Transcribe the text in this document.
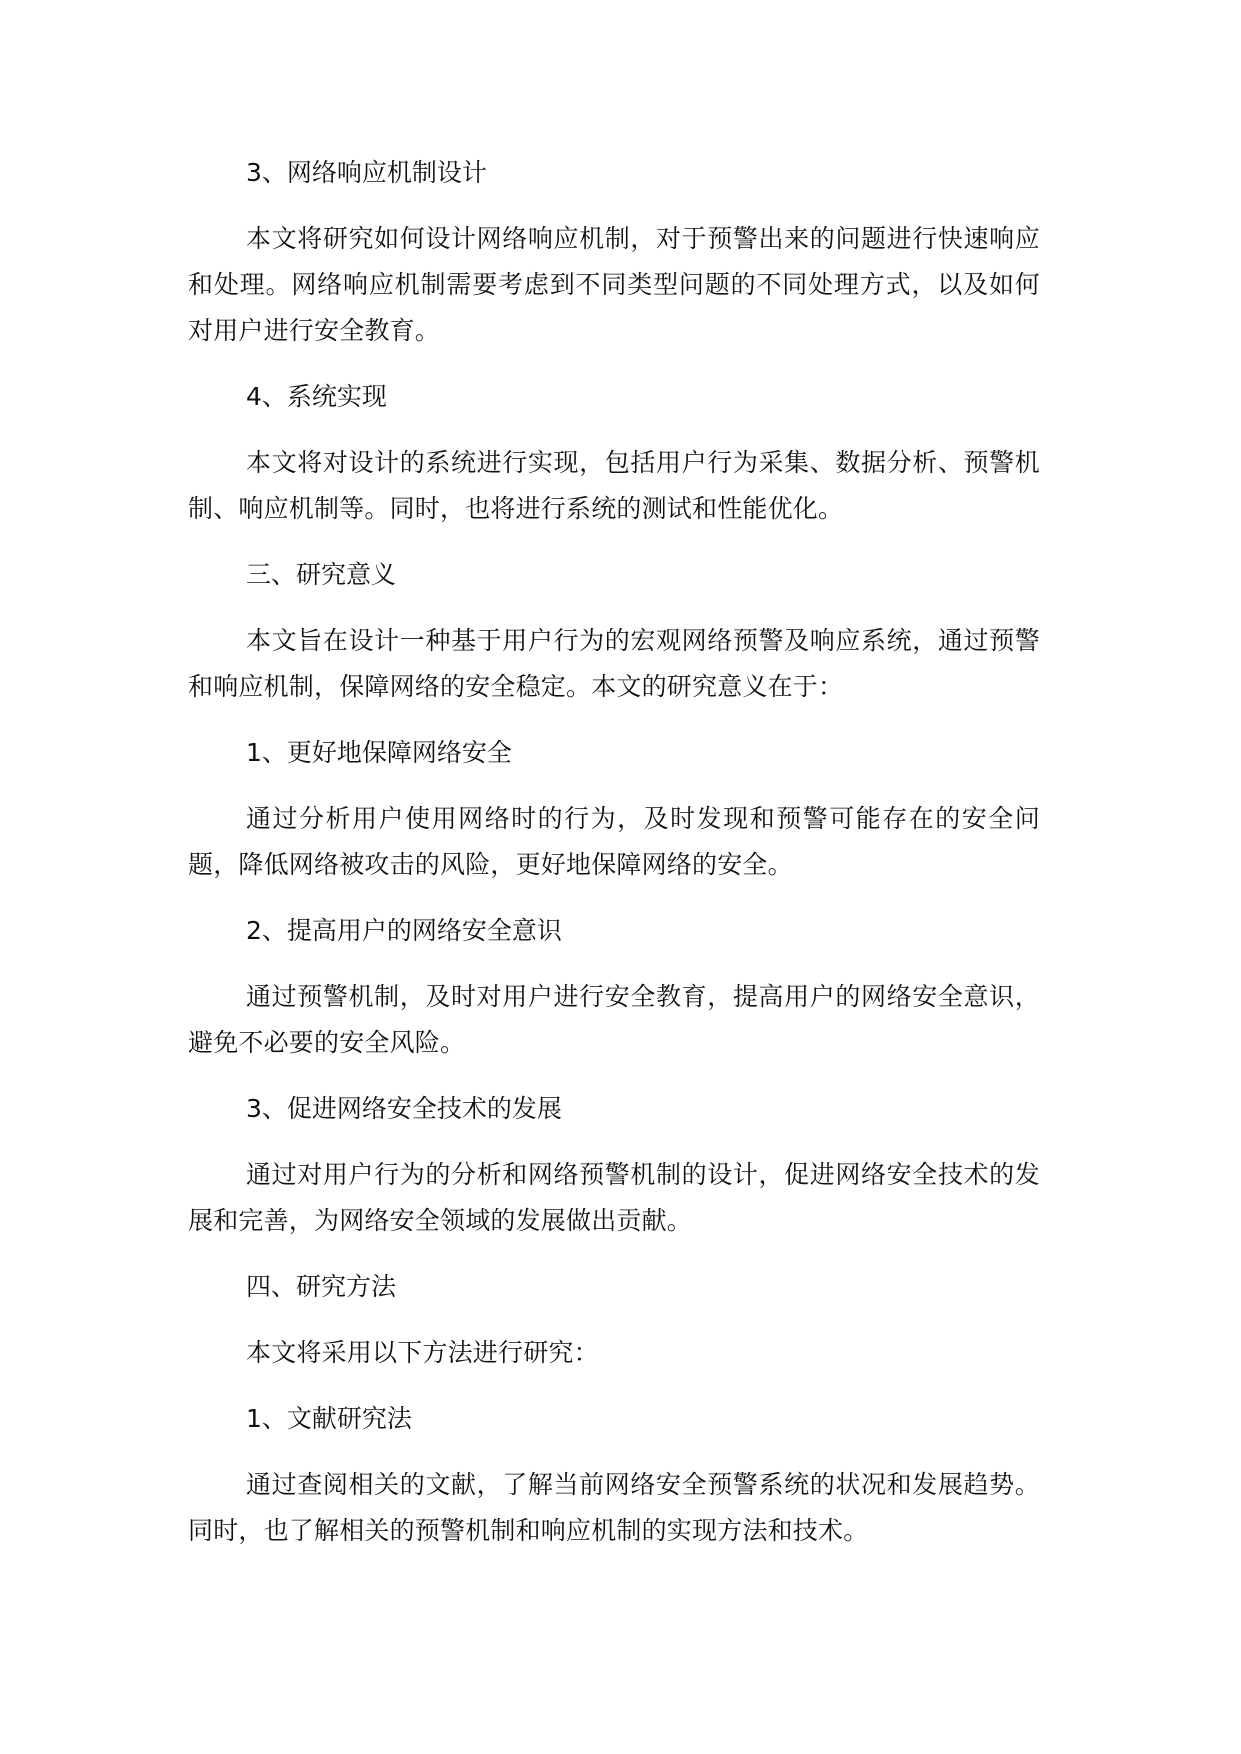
3、网络响应机制设计
本文将研究如何设计网络响应机制，对于预警出来的问题进行快速响应和处理。网络响应机制需要考虑到不同类型问题的不同处理方式，以及如何对用户进行安全教育。
4、系统实现
本文将对设计的系统进行实现，包括用户行为采集、数据分析、预警机制、响应机制等。同时，也将进行系统的测试和性能优化。
三、研究意义
本文旨在设计一种基于用户行为的宏观网络预警及响应系统，通过预警和响应机制，保障网络的安全稳定。本文的研究意义在于：
1、更好地保障网络安全
通过分析用户使用网络时的行为，及时发现和预警可能存在的安全问题，降低网络被攻击的风险，更好地保障网络的安全。
2、提高用户的网络安全意识
通过预警机制，及时对用户进行安全教育，提高用户的网络安全意识，避免不必要的安全风险。
3、促进网络安全技术的发展
通过对用户行为的分析和网络预警机制的设计，促进网络安全技术的发展和完善，为网络安全领域的发展做出贡献。
四、研究方法
本文将采用以下方法进行研究：
1、文献研究法
通过查阅相关的文献，了解当前网络安全预警系统的状况和发展趋势。同时，也了解相关的预警机制和响应机制的实现方法和技术。
